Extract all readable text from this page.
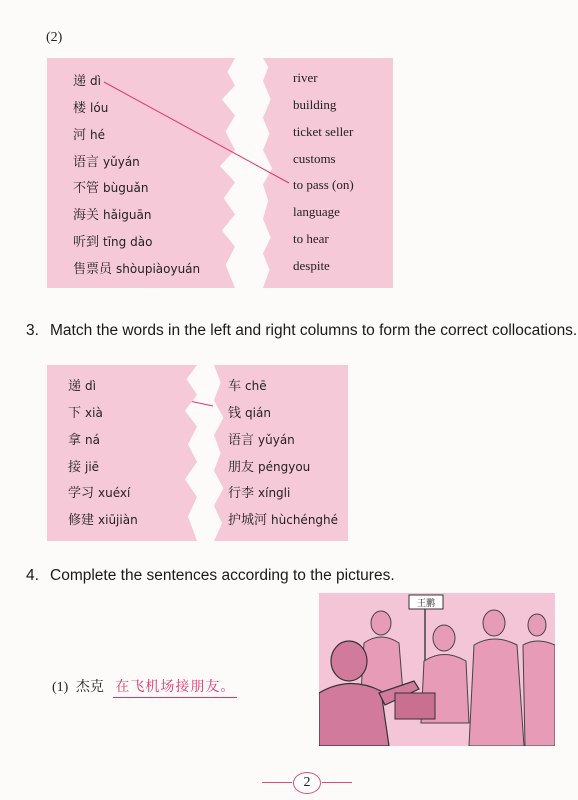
(2)
递 dì
楼 lóu
河 hé
语言 yǔyán
不管 bùguǎn
海关 hǎiguān
听到 tīng dào
售票员 shòupiàoyuán
river
building
ticket seller
customs
to pass (on)
language
to hear
despite
3. Match the words in the left and right columns to form the correct collocations.
递 dì
下 xià
拿 ná
接 jiē
学习 xuéxí
修建 xiūjiàn
车 chē
钱 qián
语言 yǔyán
朋友 péngyou
行李 xíngli
护城河 hùchénghé
4. Complete the sentences according to the pictures.
(1) 杰克 在飞机场接朋友。
王鹏
2
